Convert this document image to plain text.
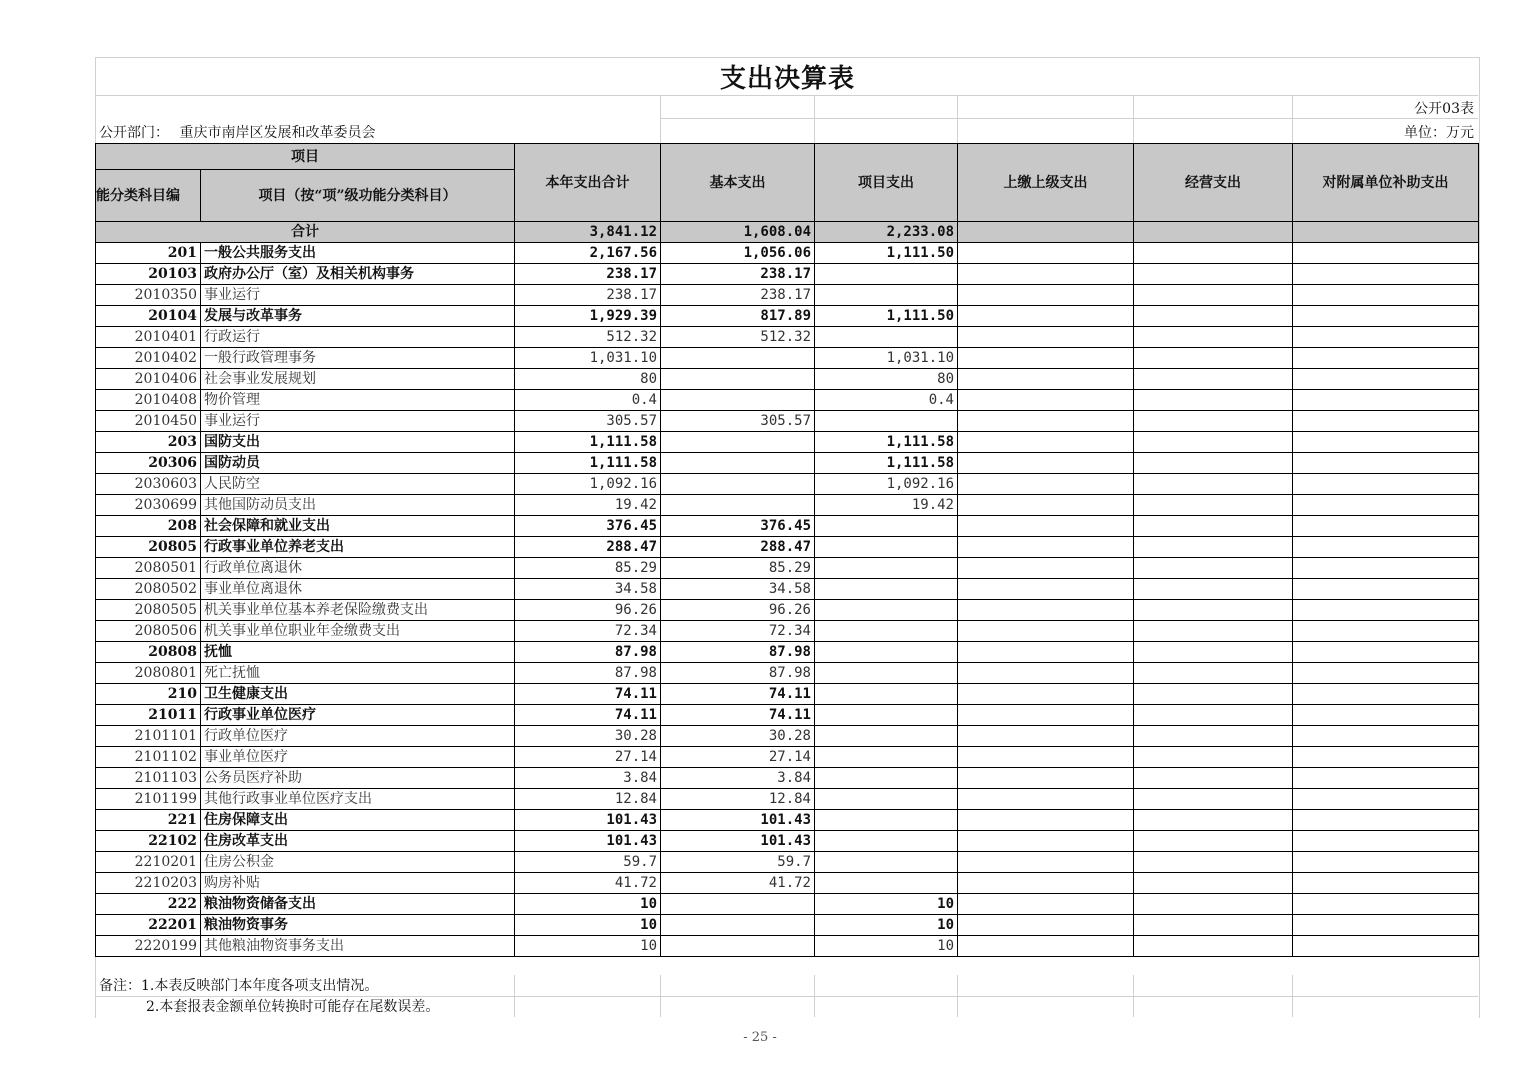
支出决算表
公开03表
公开部门： 重庆市南岸区发展和改革委员会	单位：万元
项目		本年支出合计	基本支出	项目支出	上缴上级支出	经营支出	对附属单位补助支出
能分类科目编	项目（按“项”级功能分类科目）						
合计		3,841.12	1,608.04	2,233.08			
201	一般公共服务支出	2,167.56	1,056.06	1,111.50			
20103	政府办公厅（室）及相关机构事务	238.17	238.17				
2010350	事业运行	238.17	238.17				
20104	发展与改革事务	1,929.39	817.89	1,111.50			
2010401	行政运行	512.32	512.32				
2010402	一般行政管理事务	1,031.10		1,031.10			
2010406	社会事业发展规划	80		80			
2010408	物价管理	0.4		0.4			
2010450	事业运行	305.57	305.57				
203	国防支出	1,111.58		1,111.58			
20306	国防动员	1,111.58		1,111.58			
2030603	人民防空	1,092.16		1,092.16			
2030699	其他国防动员支出	19.42		19.42			
208	社会保障和就业支出	376.45	376.45				
20805	行政事业单位养老支出	288.47	288.47				
2080501	行政单位离退休	85.29	85.29				
2080502	事业单位离退休	34.58	34.58				
2080505	机关事业单位基本养老保险缴费支出	96.26	96.26				
2080506	机关事业单位职业年金缴费支出	72.34	72.34				
20808	抚恤	87.98	87.98				
2080801	死亡抚恤	87.98	87.98				
210	卫生健康支出	74.11	74.11				
21011	行政事业单位医疗	74.11	74.11				
2101101	行政单位医疗	30.28	30.28				
2101102	事业单位医疗	27.14	27.14				
2101103	公务员医疗补助	3.84	3.84				
2101199	其他行政事业单位医疗支出	12.84	12.84				
221	住房保障支出	101.43	101.43				
22102	住房改革支出	101.43	101.43				
2210201	住房公积金	59.7	59.7				
2210203	购房补贴	41.72	41.72				
222	粮油物资储备支出	10		10			
22201	粮油物资事务	10		10			
2220199	其他粮油物资事务支出	10		10			
备注：1.本表反映部门本年度各项支出情况。
2.本套报表金额单位转换时可能存在尾数误差。
- 25 -
